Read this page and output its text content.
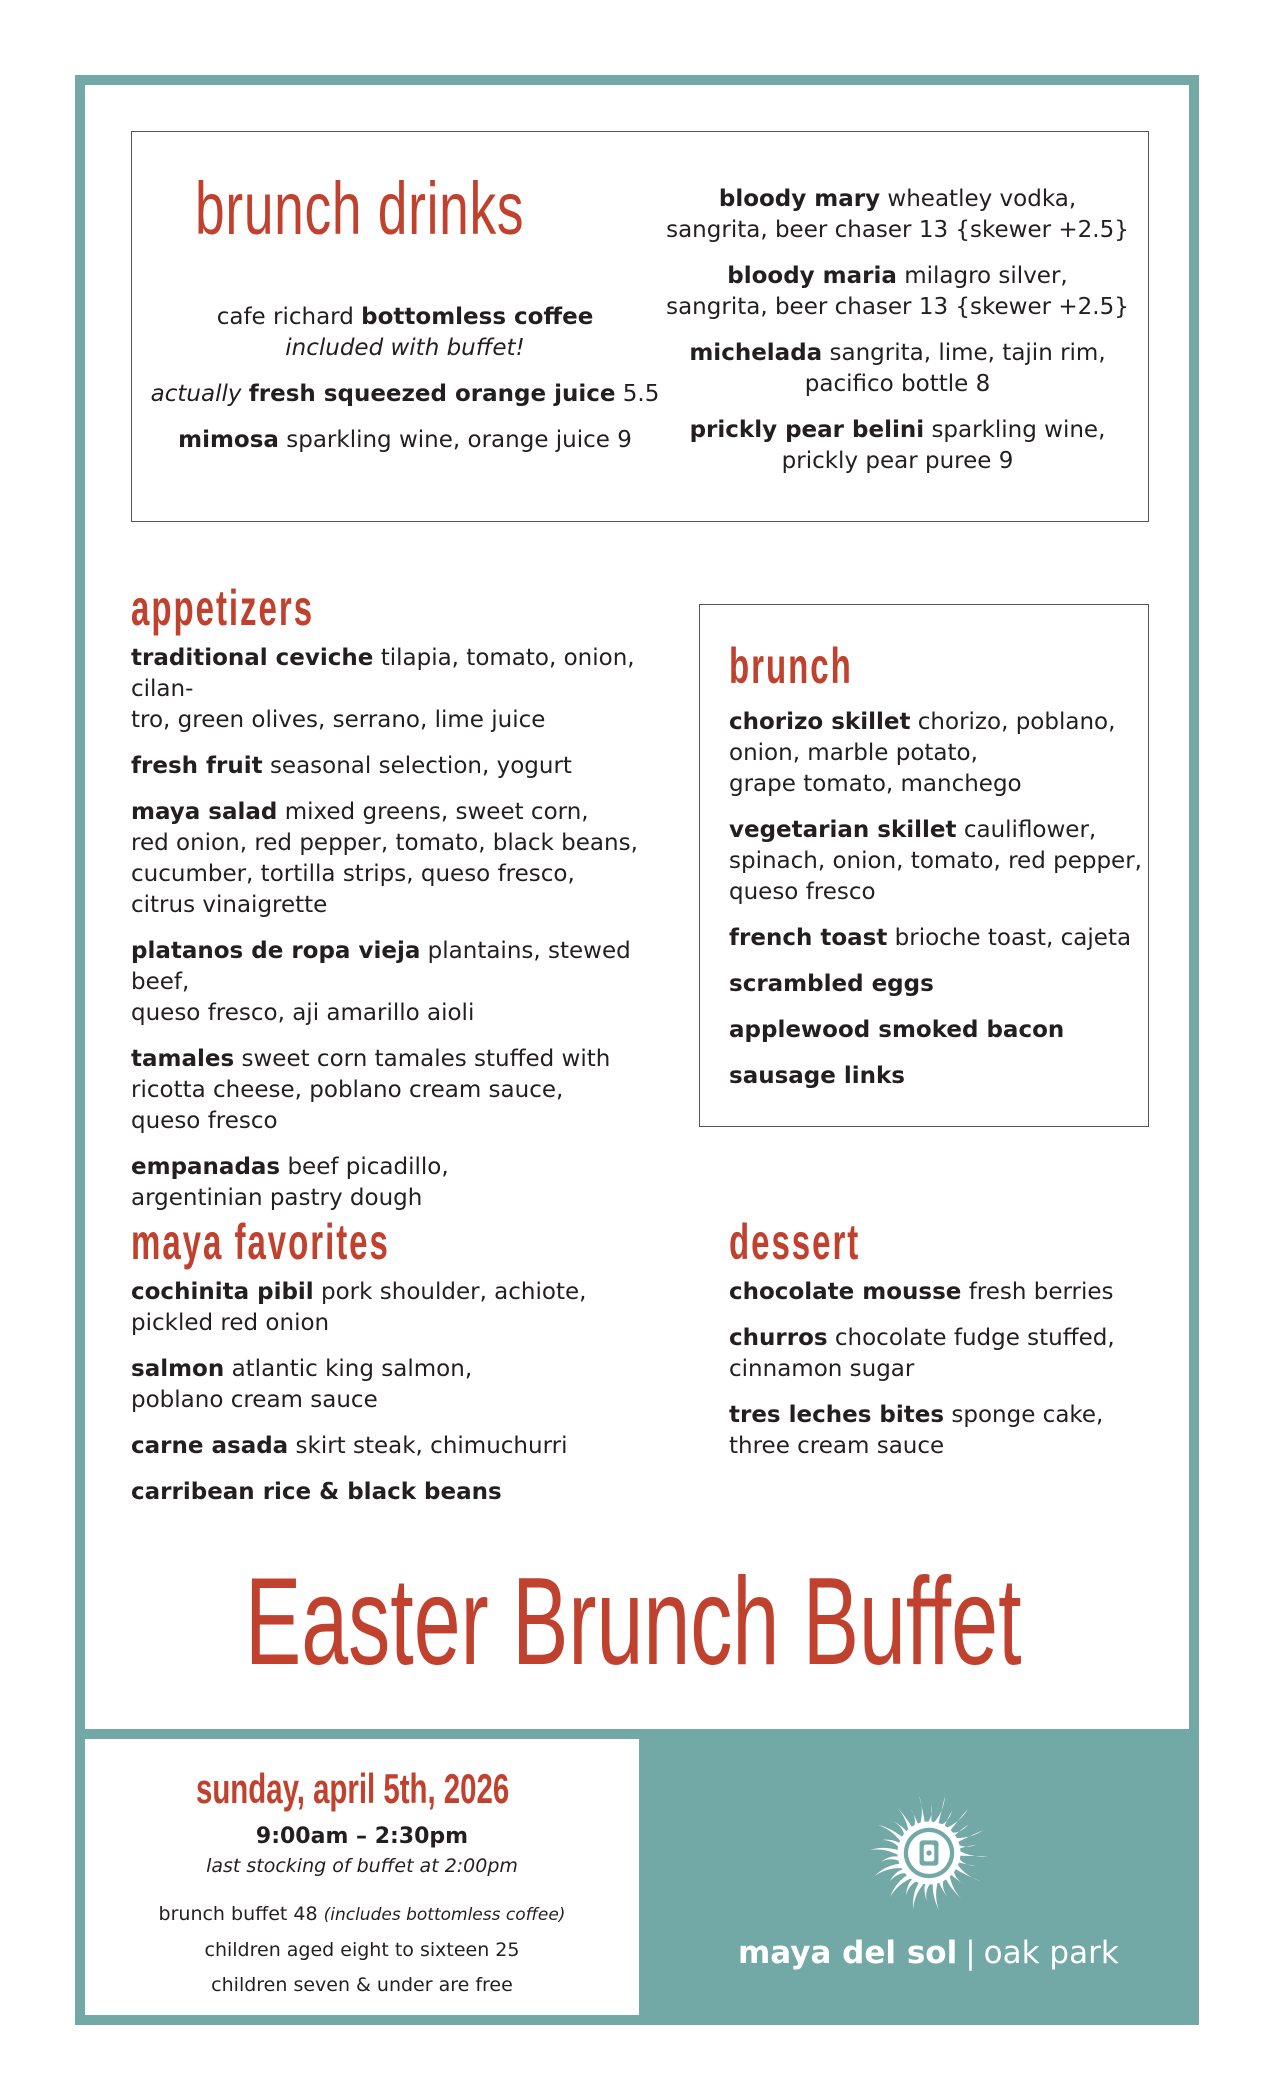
brunch drinks

cafe richard bottomless coffee
included with buffet!

actually fresh squeezed orange juice 5.5

mimosa sparkling wine, orange juice 9

bloody mary wheatley vodka,
sangrita, beer chaser 13 {skewer +2.5}

bloody maria milagro silver,
sangrita, beer chaser 13 {skewer +2.5}

michelada sangrita, lime, tajin rim,
pacifico bottle 8

prickly pear belini sparkling wine,
prickly pear puree 9

appetizers

traditional ceviche tilapia, tomato, onion, cilan-
tro, green olives, serrano, lime juice

fresh fruit seasonal selection, yogurt

maya salad mixed greens, sweet corn,
red onion, red pepper, tomato, black beans,
cucumber, tortilla strips, queso fresco,
citrus vinaigrette

platanos de ropa vieja plantains, stewed beef,
queso fresco, aji amarillo aioli

tamales sweet corn tamales stuffed with
ricotta cheese, poblano cream sauce,
queso fresco

empanadas beef picadillo,
argentinian pastry dough

brunch

chorizo skillet chorizo, poblano,
onion, marble potato,
grape tomato, manchego

vegetarian skillet cauliflower,
spinach, onion, tomato, red pepper,
queso fresco

french toast brioche toast, cajeta

scrambled eggs

applewood smoked bacon

sausage links

maya favorites

cochinita pibil pork shoulder, achiote,
pickled red onion

salmon atlantic king salmon,
poblano cream sauce

carne asada skirt steak, chimuchurri

carribean rice & black beans

dessert

chocolate mousse fresh berries

churros chocolate fudge stuffed,
cinnamon sugar

tres leches bites sponge cake,
three cream sauce

Easter Brunch Buffet
sunday, april 5th, 2026
9:00am – 2:30pm
last stocking of buffet at 2:00pm
brunch buffet 48 (includes bottomless coffee)
children aged eight to sixteen 25
children seven & under are free
maya del sol | oak park
